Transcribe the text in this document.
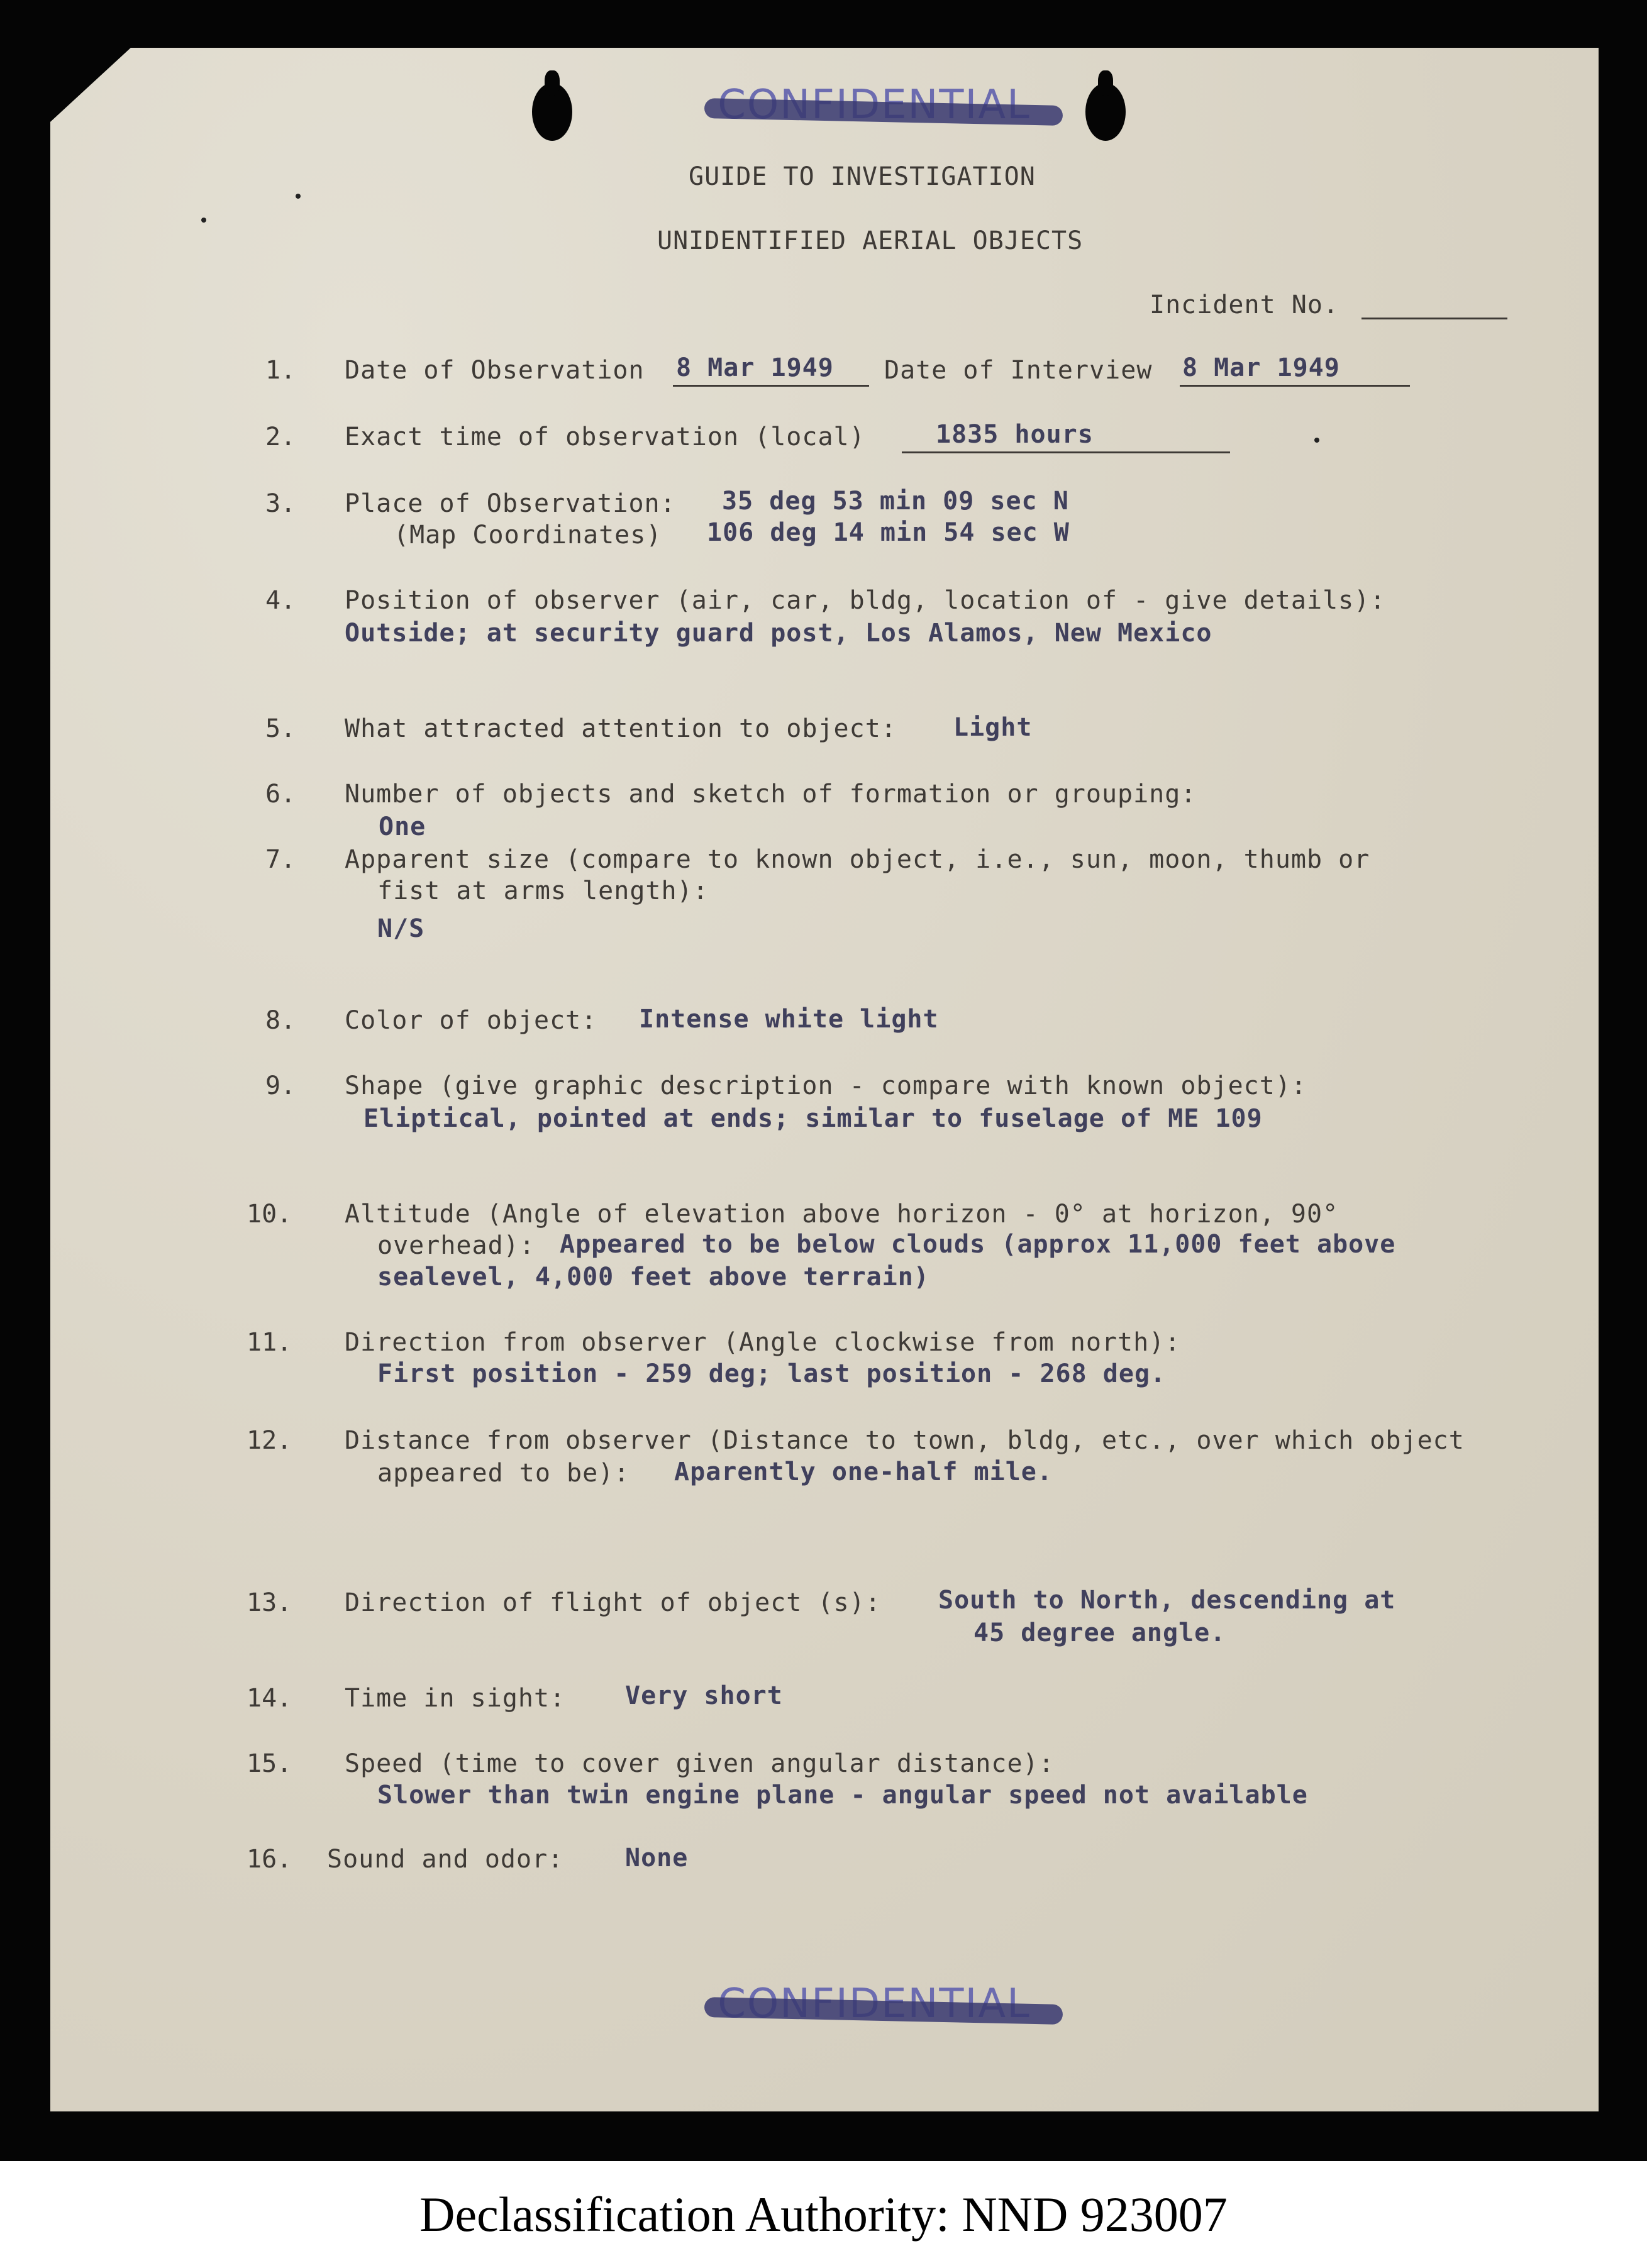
GUIDE TO INVESTIGATION
UNIDENTIFIED AERIAL OBJECTS
Incident No.
1. Date of Observation 8 Mar 1949 Date of Interview 8 Mar 1949
2. Exact time of observation (local)	1835 hours
3. Place of Observation:
(Map Coordinates)
35 deg 53 min 09 sec N
106 deg 14 min 54 sec W
4. Position of observer (air, car, bldg, location of - give details):
Outside; at security guard post, Los Alamos, New Mexico
5. What attracted attention to object: Light
6. Number of objects and sketch of formation or grouping:
One
7. Apparent size (compare to known object, i.e., sun, moon, thumb or
fist at arms length):
N/S
8. Color of object: Intense white light
9. Shape (give graphic description - compare with known object):
Eliptical, pointed at ends; similar to fuselage of ME 109
10. Altitude (Angle of elevation above horizon - 0° at horizon, 90°
overhead): Appeared to be below clouds (approx 11,000 feet above
sealevel, 4,000 feet above terrain)
11. Direction from observer (Angle clockwise from north):
First position - 259 deg; last position - 268 deg.
12. Distance from observer (Distance to town, bldg, etc., over which object
appeared to be): Aparently one-half mile.
13. Direction of flight of object (s): South to North, descending at
45 degree angle.
14. Time in sight: Very short
15. Speed (time to cover given angular distance):
Slower than twin engine plane - angular speed not available
16. Sound and odor: None
Declassification Authority: NND 923007
